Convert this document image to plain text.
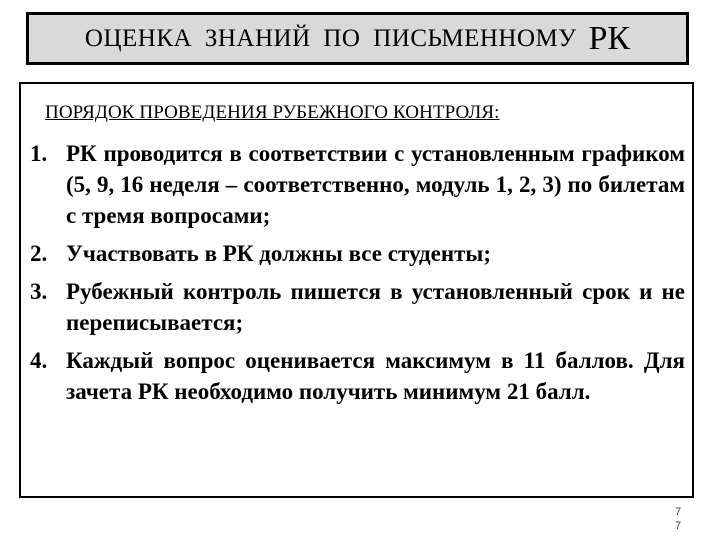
ОЦЕНКА ЗНАНИЙ ПО ПИСЬМЕННОМУ РК
ПОРЯДОК ПРОВЕДЕНИЯ РУБЕЖНОГО КОНТРОЛЯ:
1. РК проводится в соответствии с установленным графиком (5, 9, 16 неделя – соответственно, модуль 1, 2, 3) по билетам с тремя вопросами;
2. Участвовать в РК должны все студенты;
3. Рубежный контроль пишется в установленный срок и не переписывается;
4. Каждый вопрос оценивается максимум в 11 баллов. Для зачета РК необходимо получить минимум 21 балл.
7
7
